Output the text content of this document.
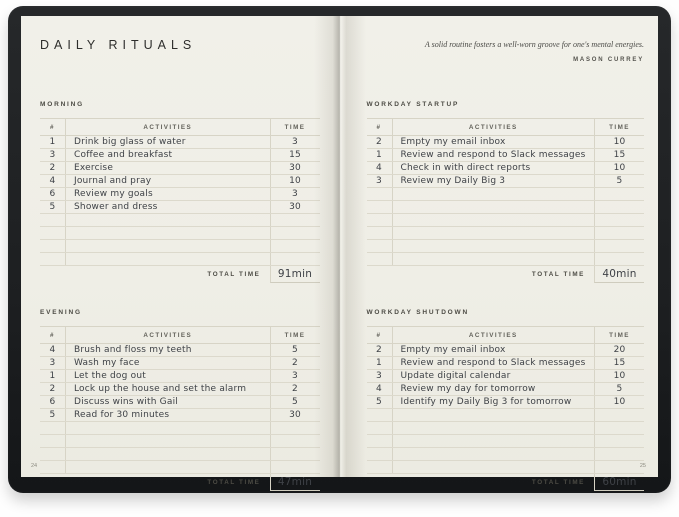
DAILY RITUALS
MORNING
#	ACTIVITIES	TIME
1	Drink big glass of water	3
3	Coffee and breakfast	15
2	Exercise	30
4	Journal and pray	10
6	Review my goals	3
5	Shower and dress	30
TOTAL TIME	91min
EVENING
#	ACTIVITIES	TIME
4	Brush and floss my teeth	5
3	Wash my face	2
1	Let the dog out	3
2	Lock up the house and set the alarm	2
6	Discuss wins with Gail	5
5	Read for 30 minutes	30
TOTAL TIME	47min
24
A solid routine fosters a well-worn groove for one's mental energies.
MASON CURREY
WORKDAY STARTUP
#	ACTIVITIES	TIME
2	Empty my email inbox	10
1	Review and respond to Slack messages	15
4	Check in with direct reports	10
3	Review my Daily Big 3	5
TOTAL TIME	40min
WORKDAY SHUTDOWN
#	ACTIVITIES	TIME
2	Empty my email inbox	20
1	Review and respond to Slack messages	15
3	Update digital calendar	10
4	Review my day for tomorrow	5
5	Identify my Daily Big 3 for tomorrow	10
TOTAL TIME	60min
25
